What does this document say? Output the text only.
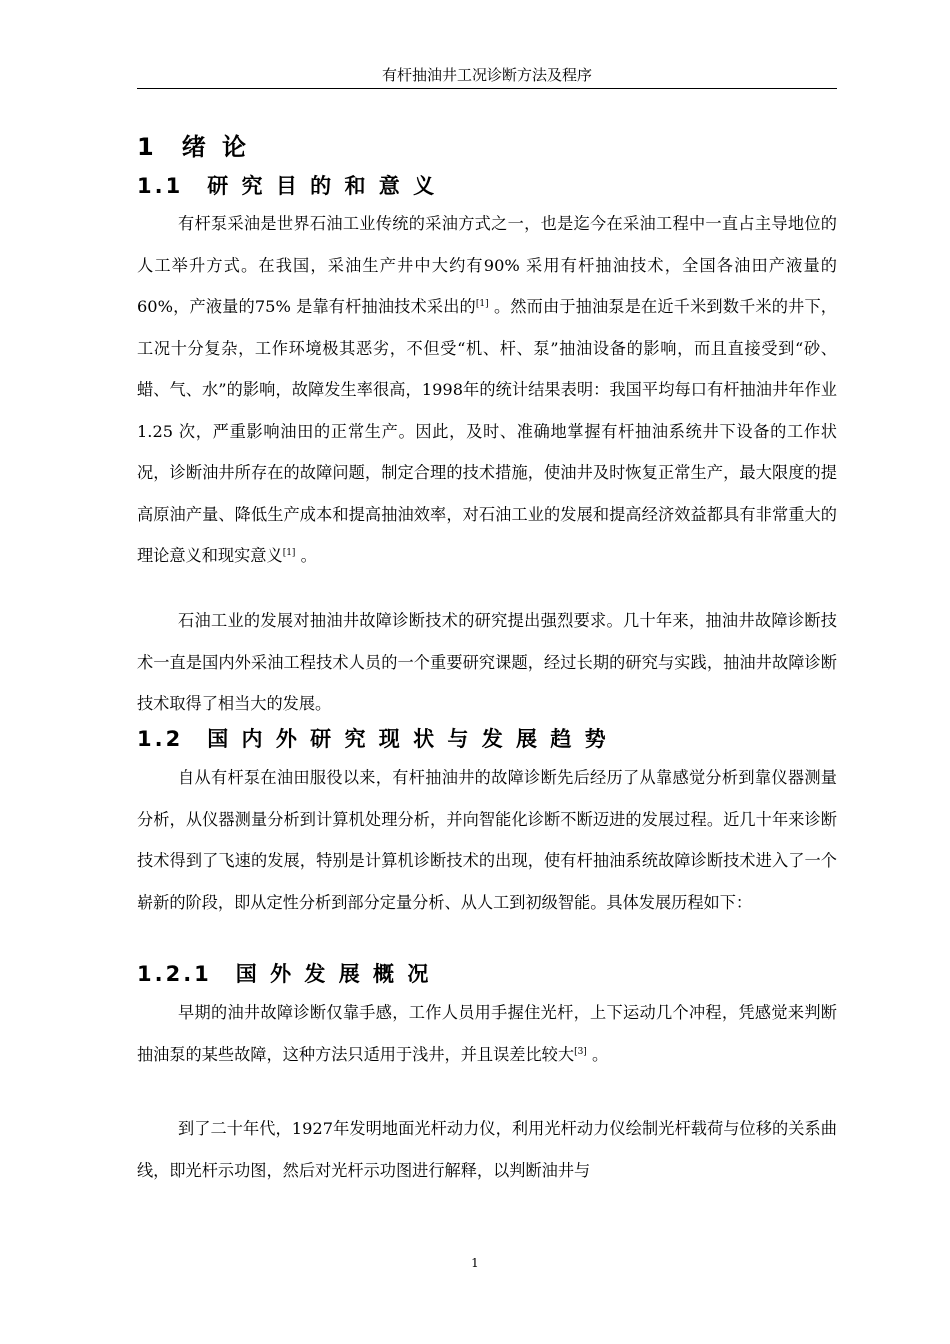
有杆抽油井工况诊断方法及程序
1 绪 论
1.1 研 究 目 的 和 意 义

有杆泵采油是世界石油工业传统的采油方式之一，也是迄今在采油工程中一直占主导地位的人工举升方式。在我国，采油生产井中大约有90% 采用有杆抽油技术，全国各油田产液量的60%，产液量的75% 是靠有杆抽油技术采出的[1] 。然而由于抽油泵是在近千米到数千米的井下，工况十分复杂，工作环境极其恶劣，不但受“机、杆、泵”抽油设备的影响，而且直接受到“砂、蜡、气、水”的影响，故障发生率很高，1998年的统计结果表明：我国平均每口有杆抽油井年作业1.25 次，严重影响油田的正常生产。因此，及时、准确地掌握有杆抽油系统井下设备的工作状况，诊断油井所存在的故障问题，制定合理的技术措施，使油井及时恢复正常生产，最大限度的提高原油产量、降低生产成本和提高抽油效率，对石油工业的发展和提高经济效益都具有非常重大的理论意义和现实意义[1] 。

石油工业的发展对抽油井故障诊断技术的研究提出强烈要求。几十年来，抽油井故障诊断技术一直是国内外采油工程技术人员的一个重要研究课题，经过长期的研究与实践，抽油井故障诊断技术取得了相当大的发展。

1.2 国 内 外 研 究 现 状 与 发 展 趋 势

自从有杆泵在油田服役以来，有杆抽油井的故障诊断先后经历了从靠感觉分析到靠仪器测量分析，从仪器测量分析到计算机处理分析，并向智能化诊断不断迈进的发展过程。近几十年来诊断技术得到了飞速的发展，特别是计算机诊断技术的出现，使有杆抽油系统故障诊断技术进入了一个崭新的阶段，即从定性分析到部分定量分析、从人工到初级智能。具体发展历程如下：

1.2.1 国 外 发 展 概 况

早期的油井故障诊断仅靠手感，工作人员用手握住光杆，上下运动几个冲程，凭感觉来判断抽油泵的某些故障，这种方法只适用于浅井，并且误差比较大[3] 。

到了二十年代，1927年发明地面光杆动力仪，利用光杆动力仪绘制光杆载荷与位移的关系曲线，即光杆示功图，然后对光杆示功图进行解释，以判断油井与

1
